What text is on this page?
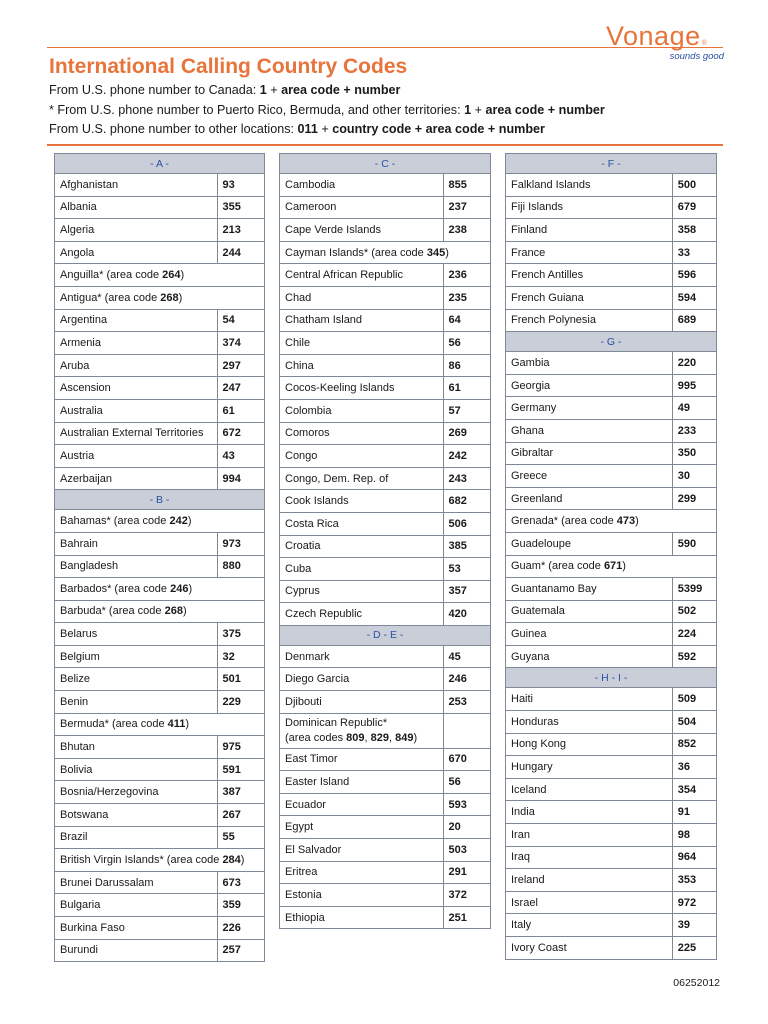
Vonage®
sounds good
International Calling Country Codes
From U.S. phone number to Canada: 1 + area code + number
* From U.S. phone number to Puerto Rico, Bermuda, and other territories: 1 + area code + number
From U.S. phone number to other locations: 011 + country code + area code + number
- A -	
Afghanistan	93
Albania	355
Algeria	213
Angola	244
Anguilla* (area code 264)	
Antigua* (area code 268)	
Argentina	54
Armenia	374
Aruba	297
Ascension	247
Australia	61
Australian External Territories	672
Austria	43
Azerbaijan	994
- B -	
Bahamas* (area code 242)	
Bahrain	973
Bangladesh	880
Barbados* (area code 246)	
Barbuda* (area code 268)	
Belarus	375
Belgium	32
Belize	501
Benin	229
Bermuda* (area code 411)	
Bhutan	975
Bolivia	591
Bosnia/Herzegovina	387
Botswana	267
Brazil	55
British Virgin Islands* (area code 284)	
Brunei Darussalam	673
Bulgaria	359
Burkina Faso	226
Burundi	257
- C -	
Cambodia	855
Cameroon	237
Cape Verde Islands	238
Cayman Islands* (area code 345)	
Central African Republic	236
Chad	235
Chatham Island	64
Chile	56
China	86
Cocos-Keeling Islands	61
Colombia	57
Comoros	269
Congo	242
Congo, Dem. Rep. of	243
Cook Islands	682
Costa Rica	506
Croatia	385
Cuba	53
Cyprus	357
Czech Republic	420
- D - E -	
Denmark	45
Diego Garcia	246
Djibouti	253

Dominican Republic*
(area codes 809, 829, 849)	

East Timor	670
Easter Island	56
Ecuador	593
Egypt	20
El Salvador	503
Eritrea	291
Estonia	372
Ethiopia	251
- F -	
Falkland Islands	500
Fiji Islands	679
Finland	358
France	33
French Antilles	596
French Guiana	594
French Polynesia	689
- G -	
Gambia	220
Georgia	995
Germany	49
Ghana	233
Gibraltar	350
Greece	30
Greenland	299
Grenada* (area code 473)	
Guadeloupe	590
Guam* (area code 671)	
Guantanamo Bay	5399
Guatemala	502
Guinea	224
Guyana	592
- H - I -	
Haiti	509
Honduras	504
Hong Kong	852
Hungary	36
Iceland	354
India	91
Iran	98
Iraq	964
Ireland	353
Israel	972
Italy	39
Ivory Coast	225
06252012
